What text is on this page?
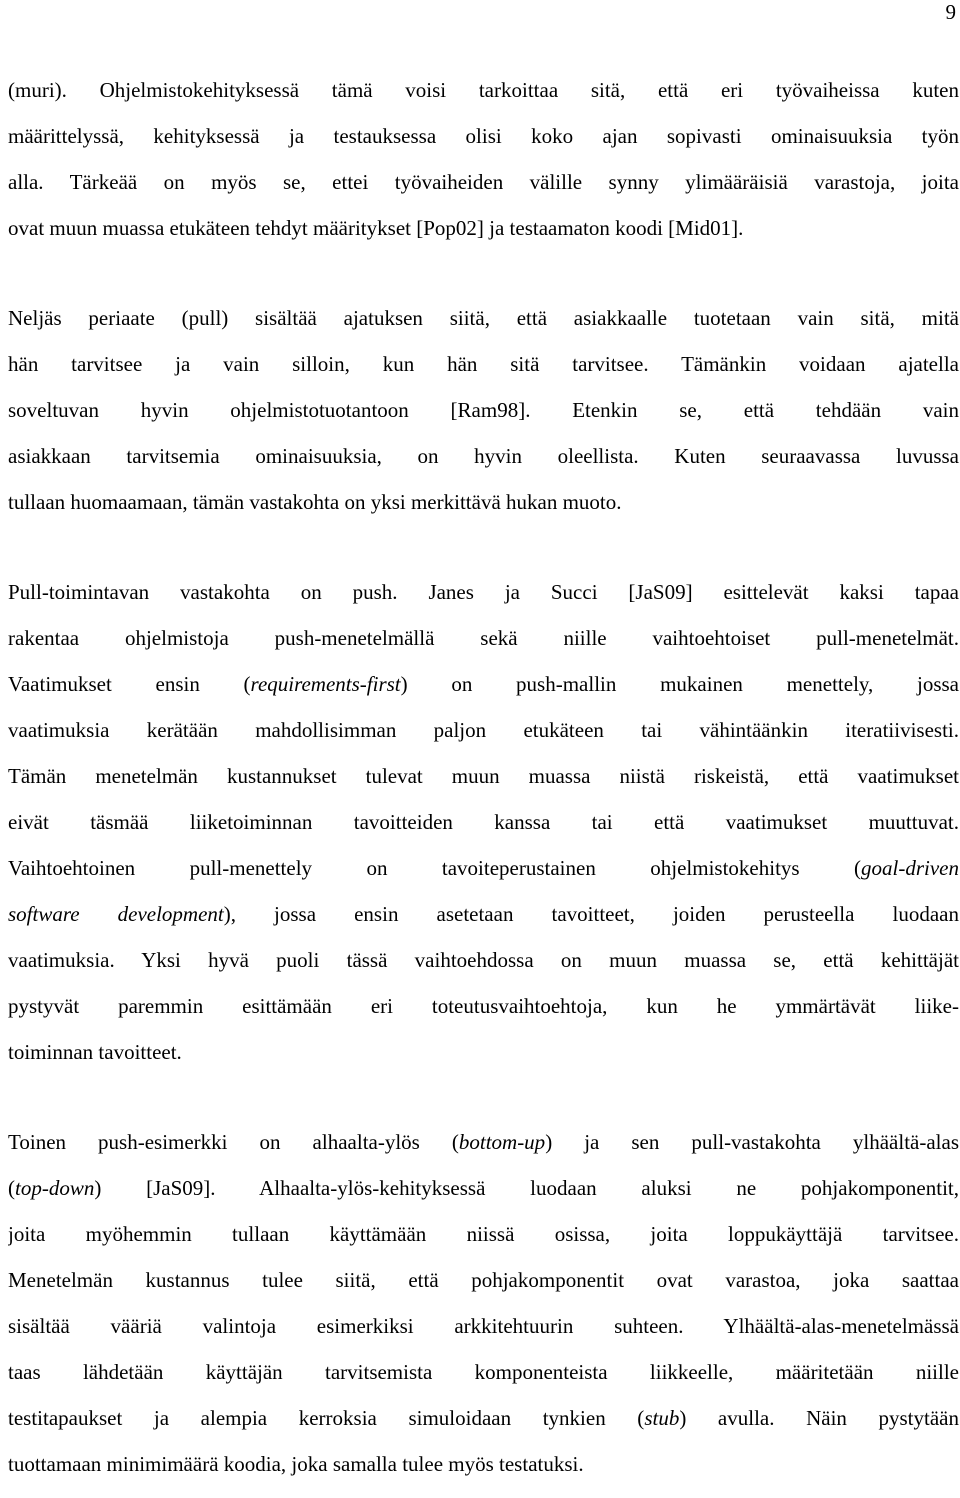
9

(muri). Ohjelmistokehityksessä tämä voisi tarkoittaa sitä, että eri työvaiheissa kuten
määrittelyssä, kehityksessä ja testauksessa olisi koko ajan sopivasti ominaisuuksia työn
alla. Tärkeää on myös se, ettei työvaiheiden välille synny ylimääräisiä varastoja, joita
ovat muun muassa etukäteen tehdyt määritykset [Pop02] ja testaamaton koodi [Mid01].

Neljäs periaate (pull) sisältää ajatuksen siitä, että asiakkaalle tuotetaan vain sitä, mitä
hän tarvitsee ja vain silloin, kun hän sitä tarvitsee. Tämänkin voidaan ajatella
soveltuvan hyvin ohjelmistotuotantoon [Ram98]. Etenkin se, että tehdään vain
asiakkaan tarvitsemia ominaisuuksia, on hyvin oleellista. Kuten seuraavassa luvussa
tullaan huomaamaan, tämän vastakohta on yksi merkittävä hukan muoto.

Pull-toimintavan vastakohta on push. Janes ja Succi [JaS09] esittelevät kaksi tapaa
rakentaa ohjelmistoja push-menetelmällä sekä niille vaihtoehtoiset pull-menetelmät.
Vaatimukset ensin (requirements-first) on push-mallin mukainen menettely, jossa
vaatimuksia kerätään mahdollisimman paljon etukäteen tai vähintäänkin iteratiivisesti.
Tämän menetelmän kustannukset tulevat muun muassa niistä riskeistä, että vaatimukset
eivät täsmää liiketoiminnan tavoitteiden kanssa tai että vaatimukset muuttuvat.
Vaihtoehtoinen pull-menettely on tavoiteperustainen ohjelmistokehitys (goal-driven
software development), jossa ensin asetetaan tavoitteet, joiden perusteella luodaan
vaatimuksia. Yksi hyvä puoli tässä vaihtoehdossa on muun muassa se, että kehittäjät
pystyvät paremmin esittämään eri toteutusvaihtoehtoja, kun he ymmärtävät liike-
toiminnan tavoitteet.

Toinen push-esimerkki on alhaalta-ylös (bottom-up) ja sen pull-vastakohta ylhäältä-alas
(top-down) [JaS09]. Alhaalta-ylös-kehityksessä luodaan aluksi ne pohjakomponentit,
joita myöhemmin tullaan käyttämään niissä osissa, joita loppukäyttäjä tarvitsee.
Menetelmän kustannus tulee siitä, että pohjakomponentit ovat varastoa, joka saattaa
sisältää vääriä valintoja esimerkiksi arkkitehtuurin suhteen. Ylhäältä-alas-menetelmässä
taas lähdetään käyttäjän tarvitsemista komponenteista liikkeelle, määritetään niille
testitapaukset ja alempia kerroksia simuloidaan tynkien (stub) avulla. Näin pystytään
tuottamaan minimimäärä koodia, joka samalla tulee myös testatuksi.
